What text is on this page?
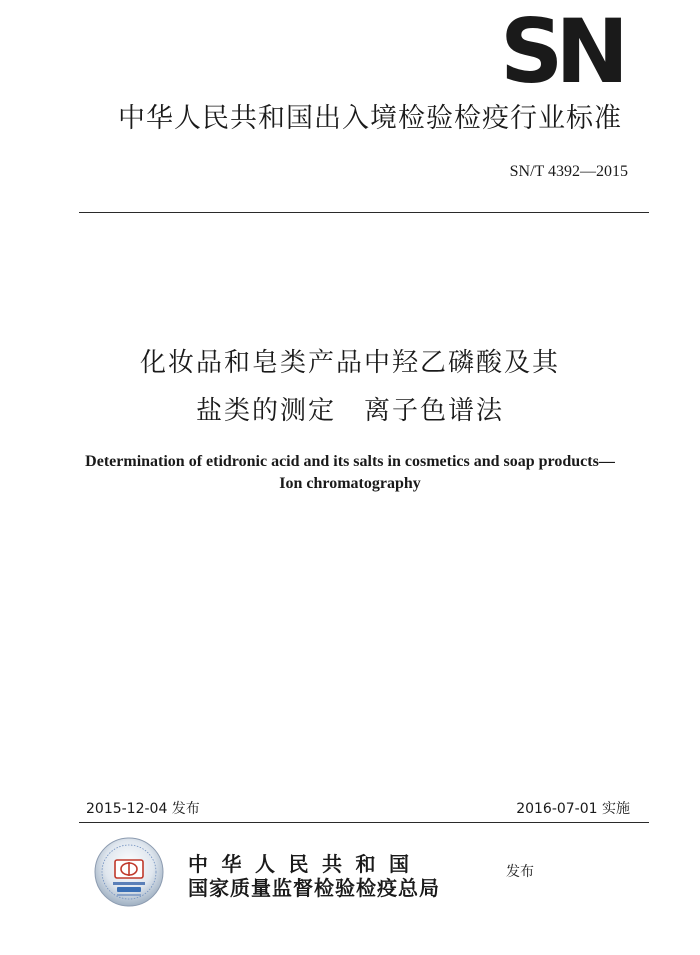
SN
中华人民共和国出入境检验检疫行业标准
SN/T 4392—2015
化妆品和皂类产品中羟乙磷酸及其
盐类的测定　离子色谱法
Determination of etidronic acid and its salts in cosmetics and soap products—
Ion chromatography
2015-12-04 发布	2016-07-01 实施
中华人民共和国
国家质量监督检验检疫总局
发布
